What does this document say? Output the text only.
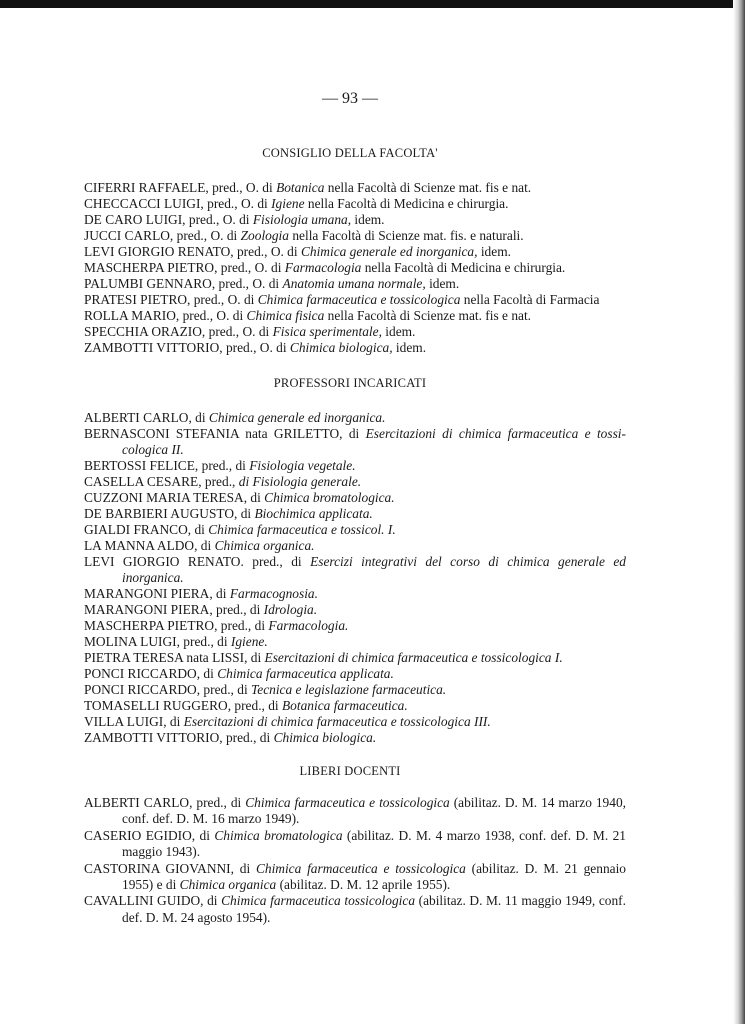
— 93 —
CONSIGLIO DELLA FACOLTA'
CIFERRI RAFFAELE, pred., O. di Botanica nella Facoltà di Scienze mat. fis e nat.
CHECCACCI LUIGI, pred., O. di Igiene nella Facoltà di Medicina e chirurgia.
DE CARO LUIGI, pred., O. di Fisiologia umana, idem.
JUCCI CARLO, pred., O. di Zoologia nella Facoltà di Scienze mat. fis. e naturali.
LEVI GIORGIO RENATO, pred., O. di Chimica generale ed inorganica, idem.
MASCHERPA PIETRO, pred., O. di Farmacologia nella Facoltà di Medicina e chirurgia.
PALUMBI GENNARO, pred., O. di Anatomia umana normale, idem.
PRATESI PIETRO, pred., O. di Chimica farmaceutica e tossicologica nella Facoltà di Farmacia
ROLLA MARIO, pred., O. di Chimica fisica nella Facoltà di Scienze mat. fis e nat.
SPECCHIA ORAZIO, pred., O. di Fisica sperimentale, idem.
ZAMBOTTI VITTORIO, pred., O. di Chimica biologica, idem.
PROFESSORI INCARICATI
ALBERTI CARLO, di Chimica generale ed inorganica.
BERNASCONI STEFANIA nata GRILETTO, di Esercitazioni di chimica farmaceutica e tossicologica II.
BERTOSSI FELICE, pred., di Fisiologia vegetale.
CASELLA CESARE, pred., di Fisiologia generale.
CUZZONI MARIA TERESA, di Chimica bromatologica.
DE BARBIERI AUGUSTO, di Biochimica applicata.
GIALDI FRANCO, di Chimica farmaceutica e tossicol. I.
LA MANNA ALDO, di Chimica organica.
LEVI GIORGIO RENATO. pred., di Esercizi integrativi del corso di chimica generale ed inorganica.
MARANGONI PIERA, di Farmacognosia.
MARANGONI PIERA, pred., di Idrologia.
MASCHERPA PIETRO, pred., di Farmacologia.
MOLINA LUIGI, pred., di Igiene.
PIETRA TERESA nata LISSI, di Esercitazioni di chimica farmaceutica e tossicologica I.
PONCI RICCARDO, di Chimica farmaceutica applicata.
PONCI RICCARDO, pred., di Tecnica e legislazione farmaceutica.
TOMASELLI RUGGERO, pred., di Botanica farmaceutica.
VILLA LUIGI, di Esercitazioni di chimica farmaceutica e tossicologica III.
ZAMBOTTI VITTORIO, pred., di Chimica biologica.
LIBERI DOCENTI
ALBERTI CARLO, pred., di Chimica farmaceutica e tossicologica (abilitaz. D. M. 14 marzo 1940, conf. def. D. M. 16 marzo 1949).
CASERIO EGIDIO, di Chimica bromatologica (abilitaz. D. M. 4 marzo 1938, conf. def. D. M. 21 maggio 1943).
CASTORINA GIOVANNI, di Chimica farmaceutica e tossicologica (abilitaz. D. M. 21 gennaio 1955) e di Chimica organica (abilitaz. D. M. 12 aprile 1955).
CAVALLINI GUIDO, di Chimica farmaceutica tossicologica (abilitaz. D. M. 11 maggio 1949, conf. def. D. M. 24 agosto 1954).
